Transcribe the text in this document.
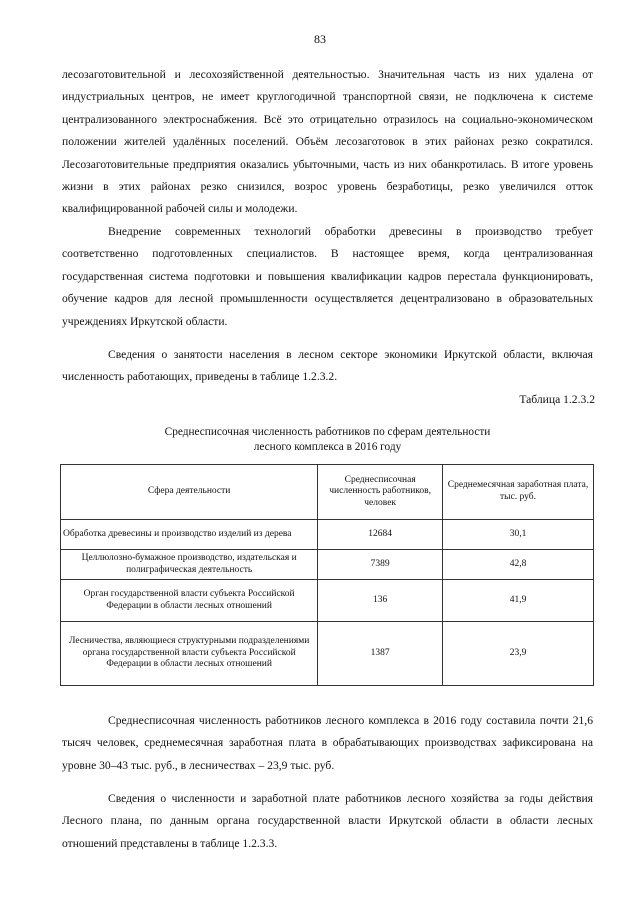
83

лесозаготовительной и лесохозяйственной деятельностью. Значительная часть из них удалена от индустриальных центров, не имеет круглогодичной транспортной связи, не подключена к системе централизованного электроснабжения. Всё это отрицательно отразилось на социально-экономическом положении жителей удалённых поселений. Объём лесозаготовок в этих районах резко сократился. Лесозаготовительные предприятия оказались убыточными, часть из них обанкротилась. В итоге уровень жизни в этих районах резко снизился, возрос уровень безработицы, резко увеличился отток квалифицированной рабочей силы и молодежи.

Внедрение современных технологий обработки древесины в производство требует соответственно подготовленных специалистов. В настоящее время, когда централизованная государственная система подготовки и повышения квалификации кадров перестала функционировать, обучение кадров для лесной промышленности осуществляется децентрализовано в образовательных учреждениях Иркутской области.

Сведения о занятости населения в лесном секторе экономики Иркутской области, включая численность работающих, приведены в таблице 1.2.3.2.

Таблица 1.2.3.2
Среднесписочная численность работников по сферам деятельности
лесного комплекса в 2016 году
Сфера деятельности	Среднесписочная численность работников, человек	Среднемесячная заработная плата, тыс. руб.
Обработка древесины и производство изделий из дерева	12684	30,1
Целлюлозно-бумажное производство, издательская и полиграфическая деятельность	7389	42,8
Орган государственной власти субъекта Российской Федерации в области лесных отношений	136	41,9
Лесничества, являющиеся структурными подразделениями органа государственной власти субъекта Российской Федерации в области лесных отношений	1387	23,9

Среднесписочная численность работников лесного комплекса в 2016 году составила почти 21,6 тысяч человек, среднемесячная заработная плата в обрабатывающих производствах зафиксирована на уровне 30–43 тыс. руб., в лесничествах – 23,9 тыс. руб.

Сведения о численности и заработной плате работников лесного хозяйства за годы действия Лесного плана, по данным органа государственной власти Иркутской области в области лесных отношений представлены в таблице 1.2.3.3.
